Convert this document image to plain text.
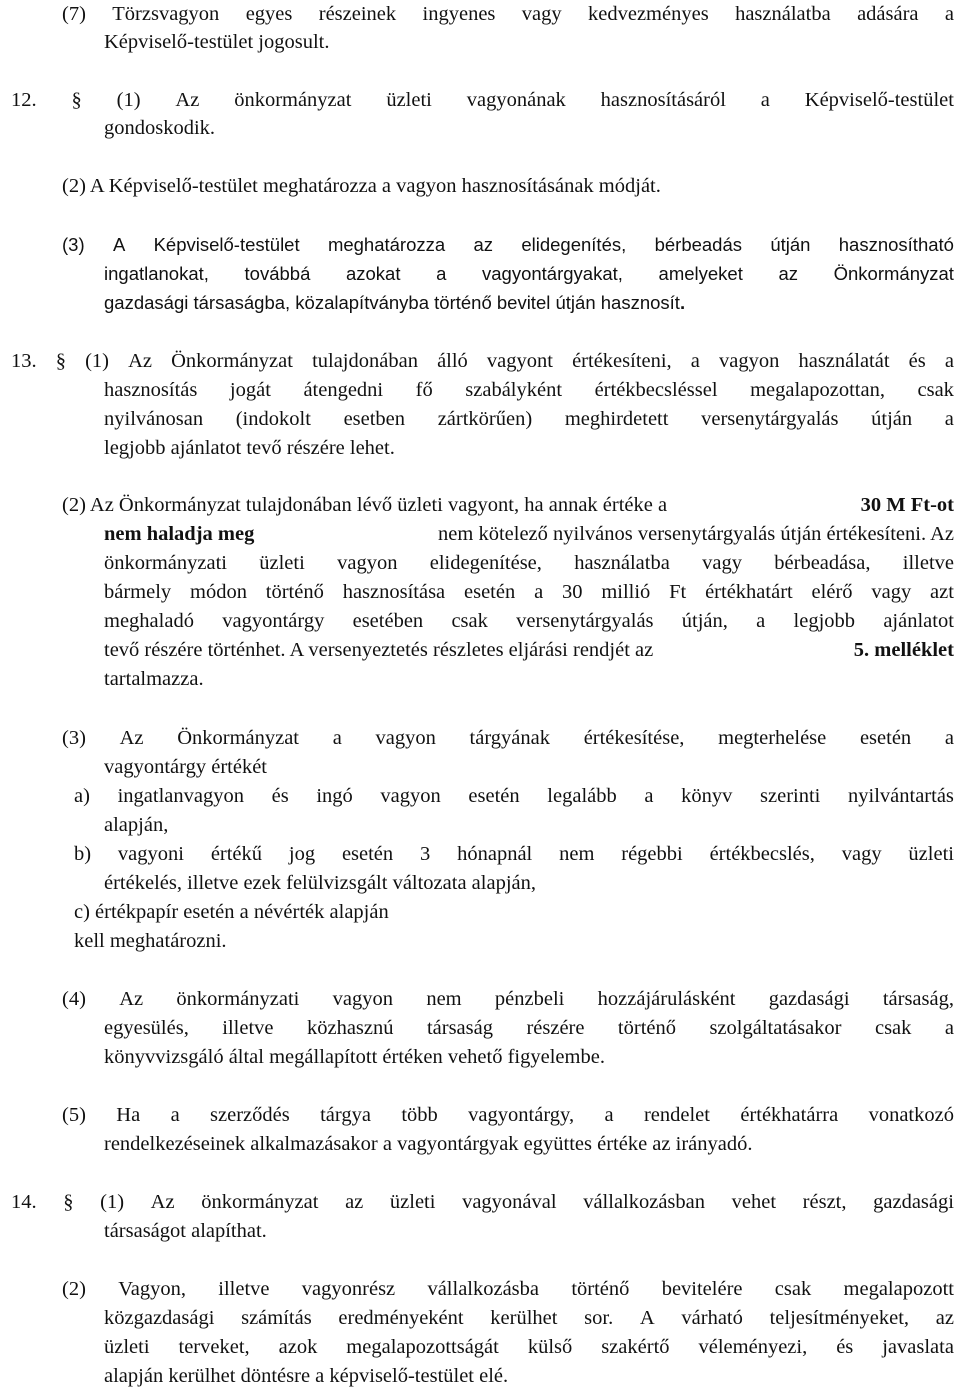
(7) Törzsvagyon egyes részeinek ingyenes vagy kedvezményes használatba adására a
Képviselő-testület jogosult.
12. § (1) Az önkormányzat üzleti vagyonának hasznosításáról a Képviselő-testület
gondoskodik.
(2) A Képviselő-testület meghatározza a vagyon hasznosításának módját.
(3) A Képviselő-testület meghatározza az elidegenítés, bérbeadás útján hasznosítható
ingatlanokat, továbbá azokat a vagyontárgyakat, amelyeket az Önkormányzat
gazdasági társaságba, közalapítványba történő bevitel útján hasznosít .
13. § (1) Az Önkormányzat tulajdonában álló vagyont értékesíteni, a vagyon használatát és a
hasznosítás jogát átengedni fő szabályként értékbecsléssel megalapozottan, csak
nyilvánosan (indokolt esetben zártkörűen) meghirdetett versenytárgyalás útján a
legjobb ajánlatot tevő részére lehet.
(2) Az Önkormányzat tulajdonában lévő üzleti vagyont, ha annak értéke a	30 M Ft-ot
nem haladja meg	nem kötelező nyilvános versenytárgyalás útján értékesíteni. Az
önkormányzati üzleti vagyon elidegenítése, használatba vagy bérbeadása, illetve
bármely módon történő hasznosítása esetén a 30 millió Ft értékhatárt elérő vagy azt
meghaladó vagyontárgy esetében csak versenytárgyalás útján, a legjobb ajánlatot
tevő részére történhet. A versenyeztetés részletes eljárási rendjét az	5. melléklet
tartalmazza.
(3) Az Önkormányzat a vagyon tárgyának értékesítése, megterhelése esetén a
vagyontárgy értékét
a) ingatlanvagyon és ingó vagyon esetén legalább a könyv szerinti nyilvántartás
alapján,
b) vagyoni értékű jog esetén 3 hónapnál nem régebbi értékbecslés, vagy üzleti
értékelés, illetve ezek felülvizsgált változata alapján,
c) értékpapír esetén a névérték alapján
kell meghatározni.
(4) Az önkormányzati vagyon nem pénzbeli hozzájárulásként gazdasági társaság,
egyesülés, illetve közhasznú társaság részére történő szolgáltatásakor csak a
könyvvizsgáló által megállapított értéken vehető figyelembe.
(5) Ha a szerződés tárgya több vagyontárgy, a rendelet értékhatárra vonatkozó
rendelkezéseinek alkalmazásakor a vagyontárgyak együttes értéke az irányadó.
14. § (1) Az önkormányzat az üzleti vagyonával vállalkozásban vehet részt, gazdasági
társaságot alapíthat.
(2) Vagyon, illetve vagyonrész vállalkozásba történő bevitelére csak megalapozott
közgazdasági számítás eredményeként kerülhet sor. A várható teljesítményeket, az
üzleti terveket, azok megalapozottságát külső szakértő véleményezi, és javaslata
alapján kerülhet döntésre a képviselő-testület elé.
